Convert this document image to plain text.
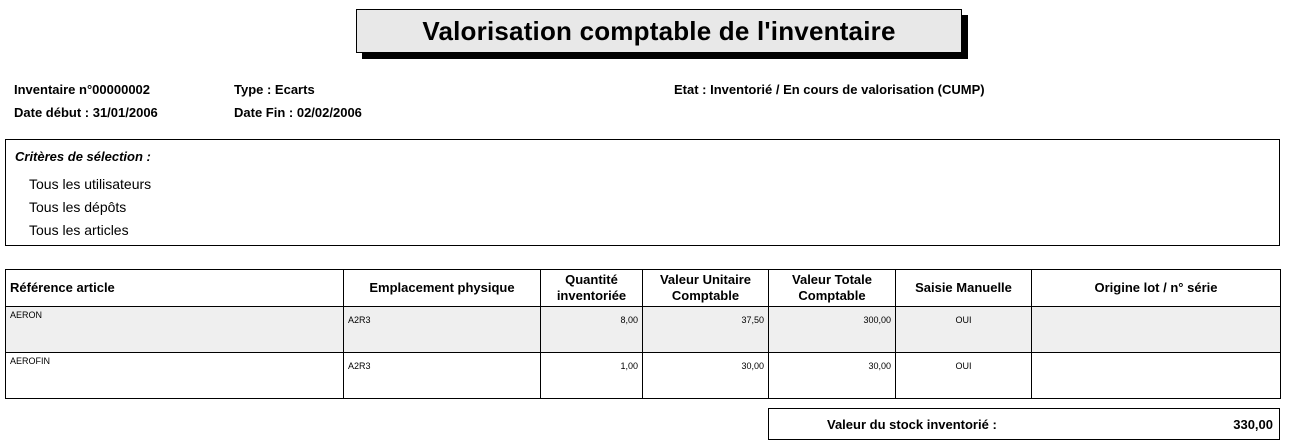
Valorisation comptable de l'inventaire
Inventaire n°00000002	Type : Ecarts	Etat : Inventorié / En cours de valorisation (CUMP)
Date début : 31/01/2006	Date Fin : 02/02/2006
Critères de sélection :
Tous les utilisateurs
Tous les dépôts
Tous les articles
Référence article	Emplacement physique	Quantité inventoriée	Valeur Unitaire Comptable	Valeur Totale Comptable	Saisie Manuelle	Origine lot / n° série
AERON	A2R3	8,00	37,50	300,00	OUI	
AEROFIN	A2R3	1,00	30,00	30,00	OUI	
Valeur du stock inventorié :	330,00
